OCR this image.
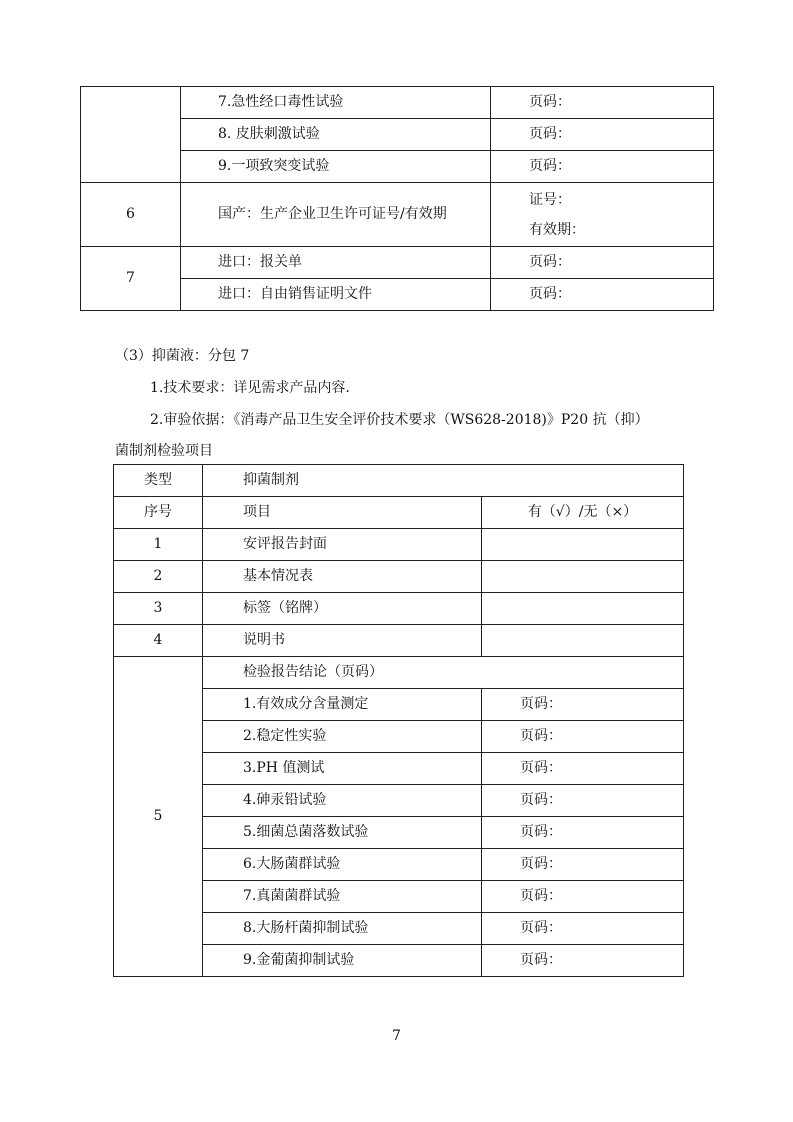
	7.急性经口毒性试验	页码：
	8. 皮肤刺激试验	页码：
	9.一项致突变试验	页码：
6	国产：生产企业卫生许可证号/有效期	证号：
有效期：

7	进口：报关单	页码：
	进口：自由销售证明文件	页码：
（3）抑菌液：分包 7
1.技术要求：详见需求产品内容.
2.审验依据：《消毒产品卫生安全评价技术要求（WS628-2018)》P20 抗（抑）
菌制剂检验项目
类型	抑菌制剂	
序号	项目	有（√）/无（×）
1	安评报告封面	
2	基本情况表	
3	标签（铭牌）	
4	说明书	
5	检验报告结论（页码）	
	1.有效成分含量测定	页码：
	2.稳定性实验	页码：
	3.PH 值测试	页码：
	4.砷汞铅试验	页码：
	5.细菌总菌落数试验	页码：
	6.大肠菌群试验	页码：
	7.真菌菌群试验	页码：
	8.大肠杆菌抑制试验	页码：
	9.金葡菌抑制试验	页码：
7
